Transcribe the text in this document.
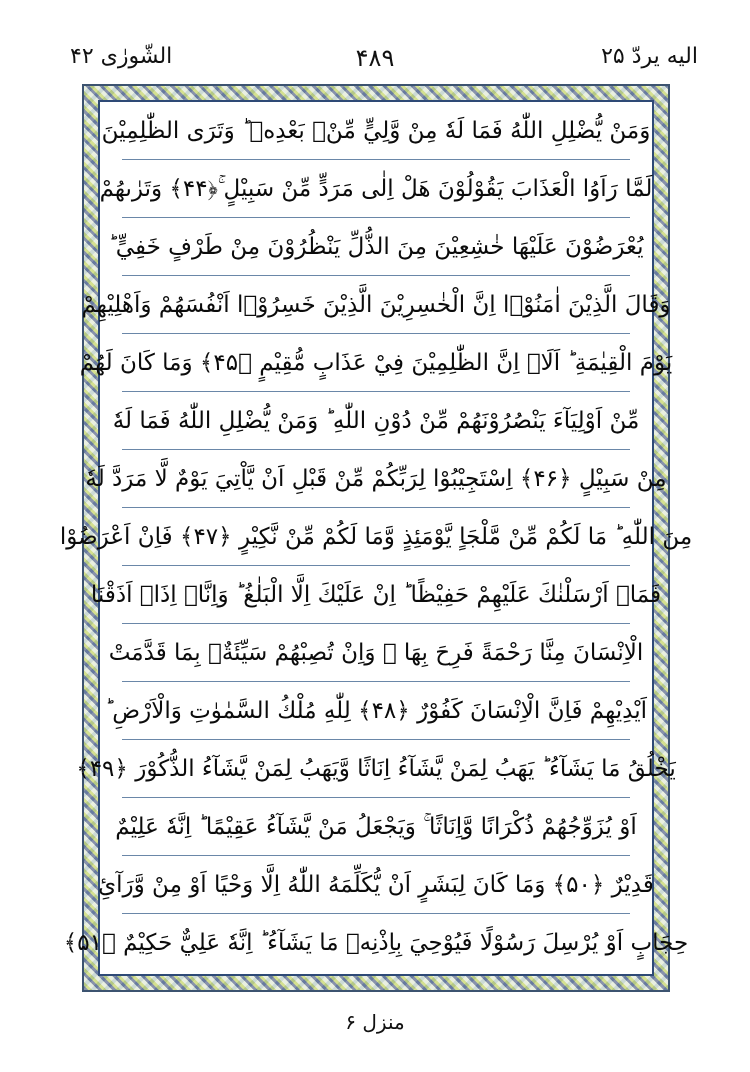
اليه يردّ ۲۵
۴۸۹
الشّورٰى ۴۲
وَمَنْ يُّضْلِلِ اللّٰهُ فَمَا لَهٗ مِنْ وَّلِيٍّ مِّنْۢ بَعْدِهٖ ؕ وَتَرَى الظّٰلِمِيْنَ
لَمَّا رَاَوُا الْعَذَابَ يَقُوْلُوْنَ هَلْ اِلٰى مَرَدٍّ مِّنْ سَبِيْلٍ ۚ﴿۴۴﴾ وَتَرٰىهُمْ
يُعْرَضُوْنَ عَلَيْهَا خٰشِعِيْنَ مِنَ الذُّلِّ يَنْظُرُوْنَ مِنْ طَرْفٍ خَفِيٍّ ؕ
وَقَالَ الَّذِيْنَ اٰمَنُوْۤا اِنَّ الْخٰسِرِيْنَ الَّذِيْنَ خَسِرُوْۤا اَنْفُسَهُمْ وَاَهْلِيْهِمْ
يَوْمَ الْقِيٰمَةِ ؕ اَلَاۤ اِنَّ الظّٰلِمِيْنَ فِيْ عَذَابٍ مُّقِيْمٍ ﴿۴۵﴾ وَمَا كَانَ لَهُمْ
مِّنْ اَوْلِيَآءَ يَنْصُرُوْنَهُمْ مِّنْ دُوْنِ اللّٰهِ ؕ وَمَنْ يُّضْلِلِ اللّٰهُ فَمَا لَهٗ
مِنْ سَبِيْلٍ ﴿۴۶﴾ اِسْتَجِيْبُوْا لِرَبِّكُمْ مِّنْ قَبْلِ اَنْ يَّاْتِيَ يَوْمٌ لَّا مَرَدَّ لَهٗ
مِنَ اللّٰهِ ؕ مَا لَكُمْ مِّنْ مَّلْجَاٍ يَّوْمَئِذٍ وَّمَا لَكُمْ مِّنْ نَّكِيْرٍ ﴿۴۷﴾ فَاِنْ اَعْرَضُوْا
فَمَاۤ اَرْسَلْنٰكَ عَلَيْهِمْ حَفِيْظًا ؕ اِنْ عَلَيْكَ اِلَّا الْبَلٰغُ ؕ وَاِنَّاۤ اِذَاۤ اَذَقْنَا
الْاِنْسَانَ مِنَّا رَحْمَةً فَرِحَ بِهَا ۚ وَاِنْ تُصِبْهُمْ سَيِّئَةٌۢ بِمَا قَدَّمَتْ
اَيْدِيْهِمْ فَاِنَّ الْاِنْسَانَ كَفُوْرٌ ﴿۴۸﴾ لِلّٰهِ مُلْكُ السَّمٰوٰتِ وَالْاَرْضِ ؕ
يَخْلُقُ مَا يَشَآءُ ؕ يَهَبُ لِمَنْ يَّشَآءُ اِنَاثًا وَّيَهَبُ لِمَنْ يَّشَآءُ الذُّكُوْرَ ﴿۴۹﴾
اَوْ يُزَوِّجُهُمْ ذُكْرَانًا وَّاِنَاثًا ۚ وَيَجْعَلُ مَنْ يَّشَآءُ عَقِيْمًا ؕ اِنَّهٗ عَلِيْمٌ
قَدِيْرٌ ﴿۵۰﴾ وَمَا كَانَ لِبَشَرٍ اَنْ يُّكَلِّمَهُ اللّٰهُ اِلَّا وَحْيًا اَوْ مِنْ وَّرَآئِ
حِجَابٍ اَوْ يُرْسِلَ رَسُوْلًا فَيُوْحِيَ بِاِذْنِهٖ مَا يَشَآءُ ؕ اِنَّهٗ عَلِيٌّ حَكِيْمٌ ﴿۵۱﴾
منزل ۶
